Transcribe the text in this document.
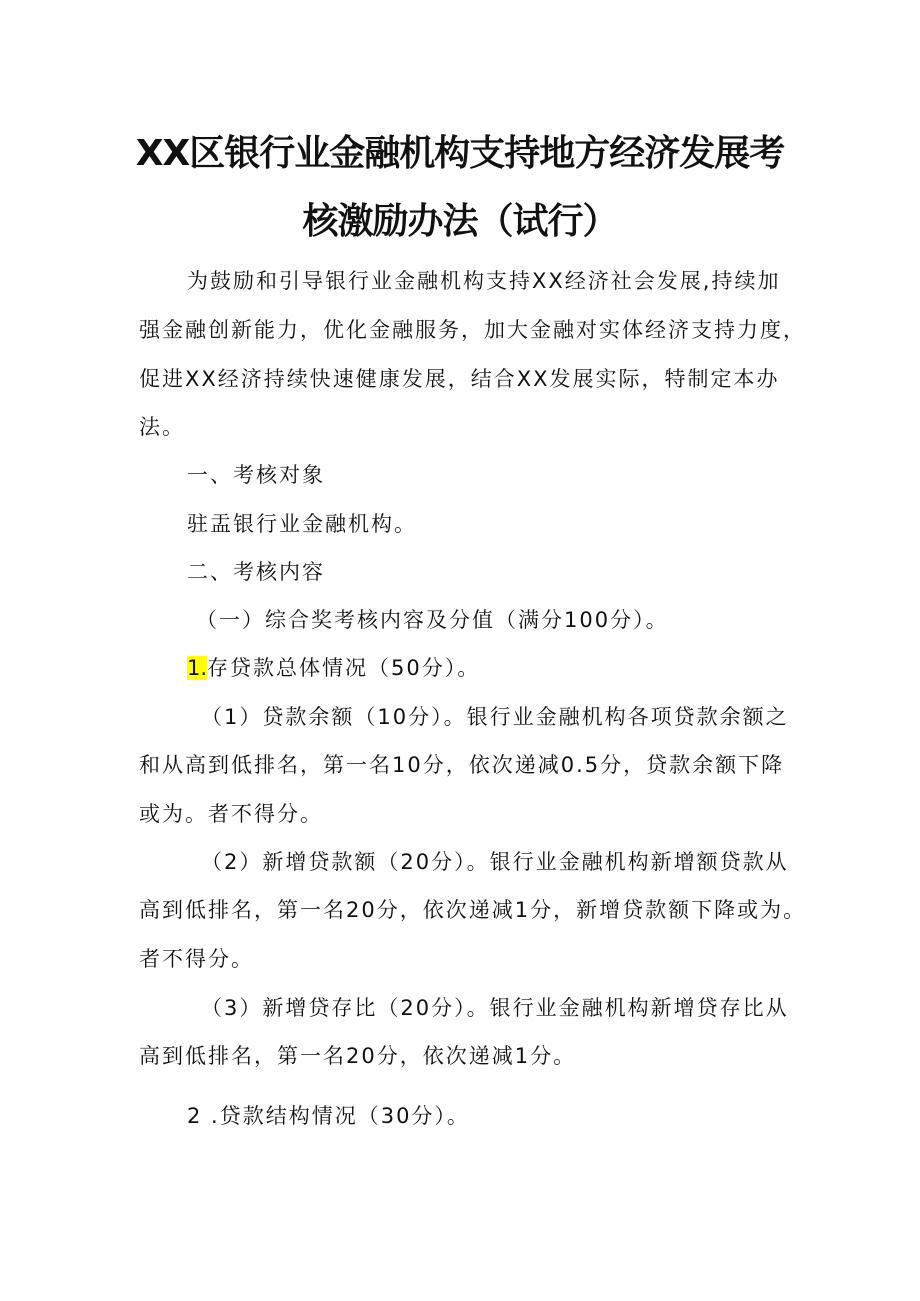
XX区银行业金融机构支持地方经济发展考
核激励办法（试行）
为鼓励和引导银行业金融机构支持XX经济社会发展,持续加
强金融创新能力，优化金融服务，加大金融对实体经济支持力度，
促进XX经济持续快速健康发展，结合XX发展实际，特制定本办
法。
一、考核对象
驻盂银行业金融机构。
二、考核内容
（一）综合奖考核内容及分值（满分100分）。
1.存贷款总体情况（50分）。
（1）贷款余额（10分）。银行业金融机构各项贷款余额之
和从高到低排名，第一名10分，依次递减0.5分，贷款余额下降
或为。者不得分。
（2）新增贷款额（20分）。银行业金融机构新增额贷款从
高到低排名，第一名20分，依次递减1分，新增贷款额下降或为。
者不得分。
（3）新增贷存比（20分）。银行业金融机构新增贷存比从
高到低排名，第一名20分，依次递减1分。
2 .贷款结构情况（30分）。
